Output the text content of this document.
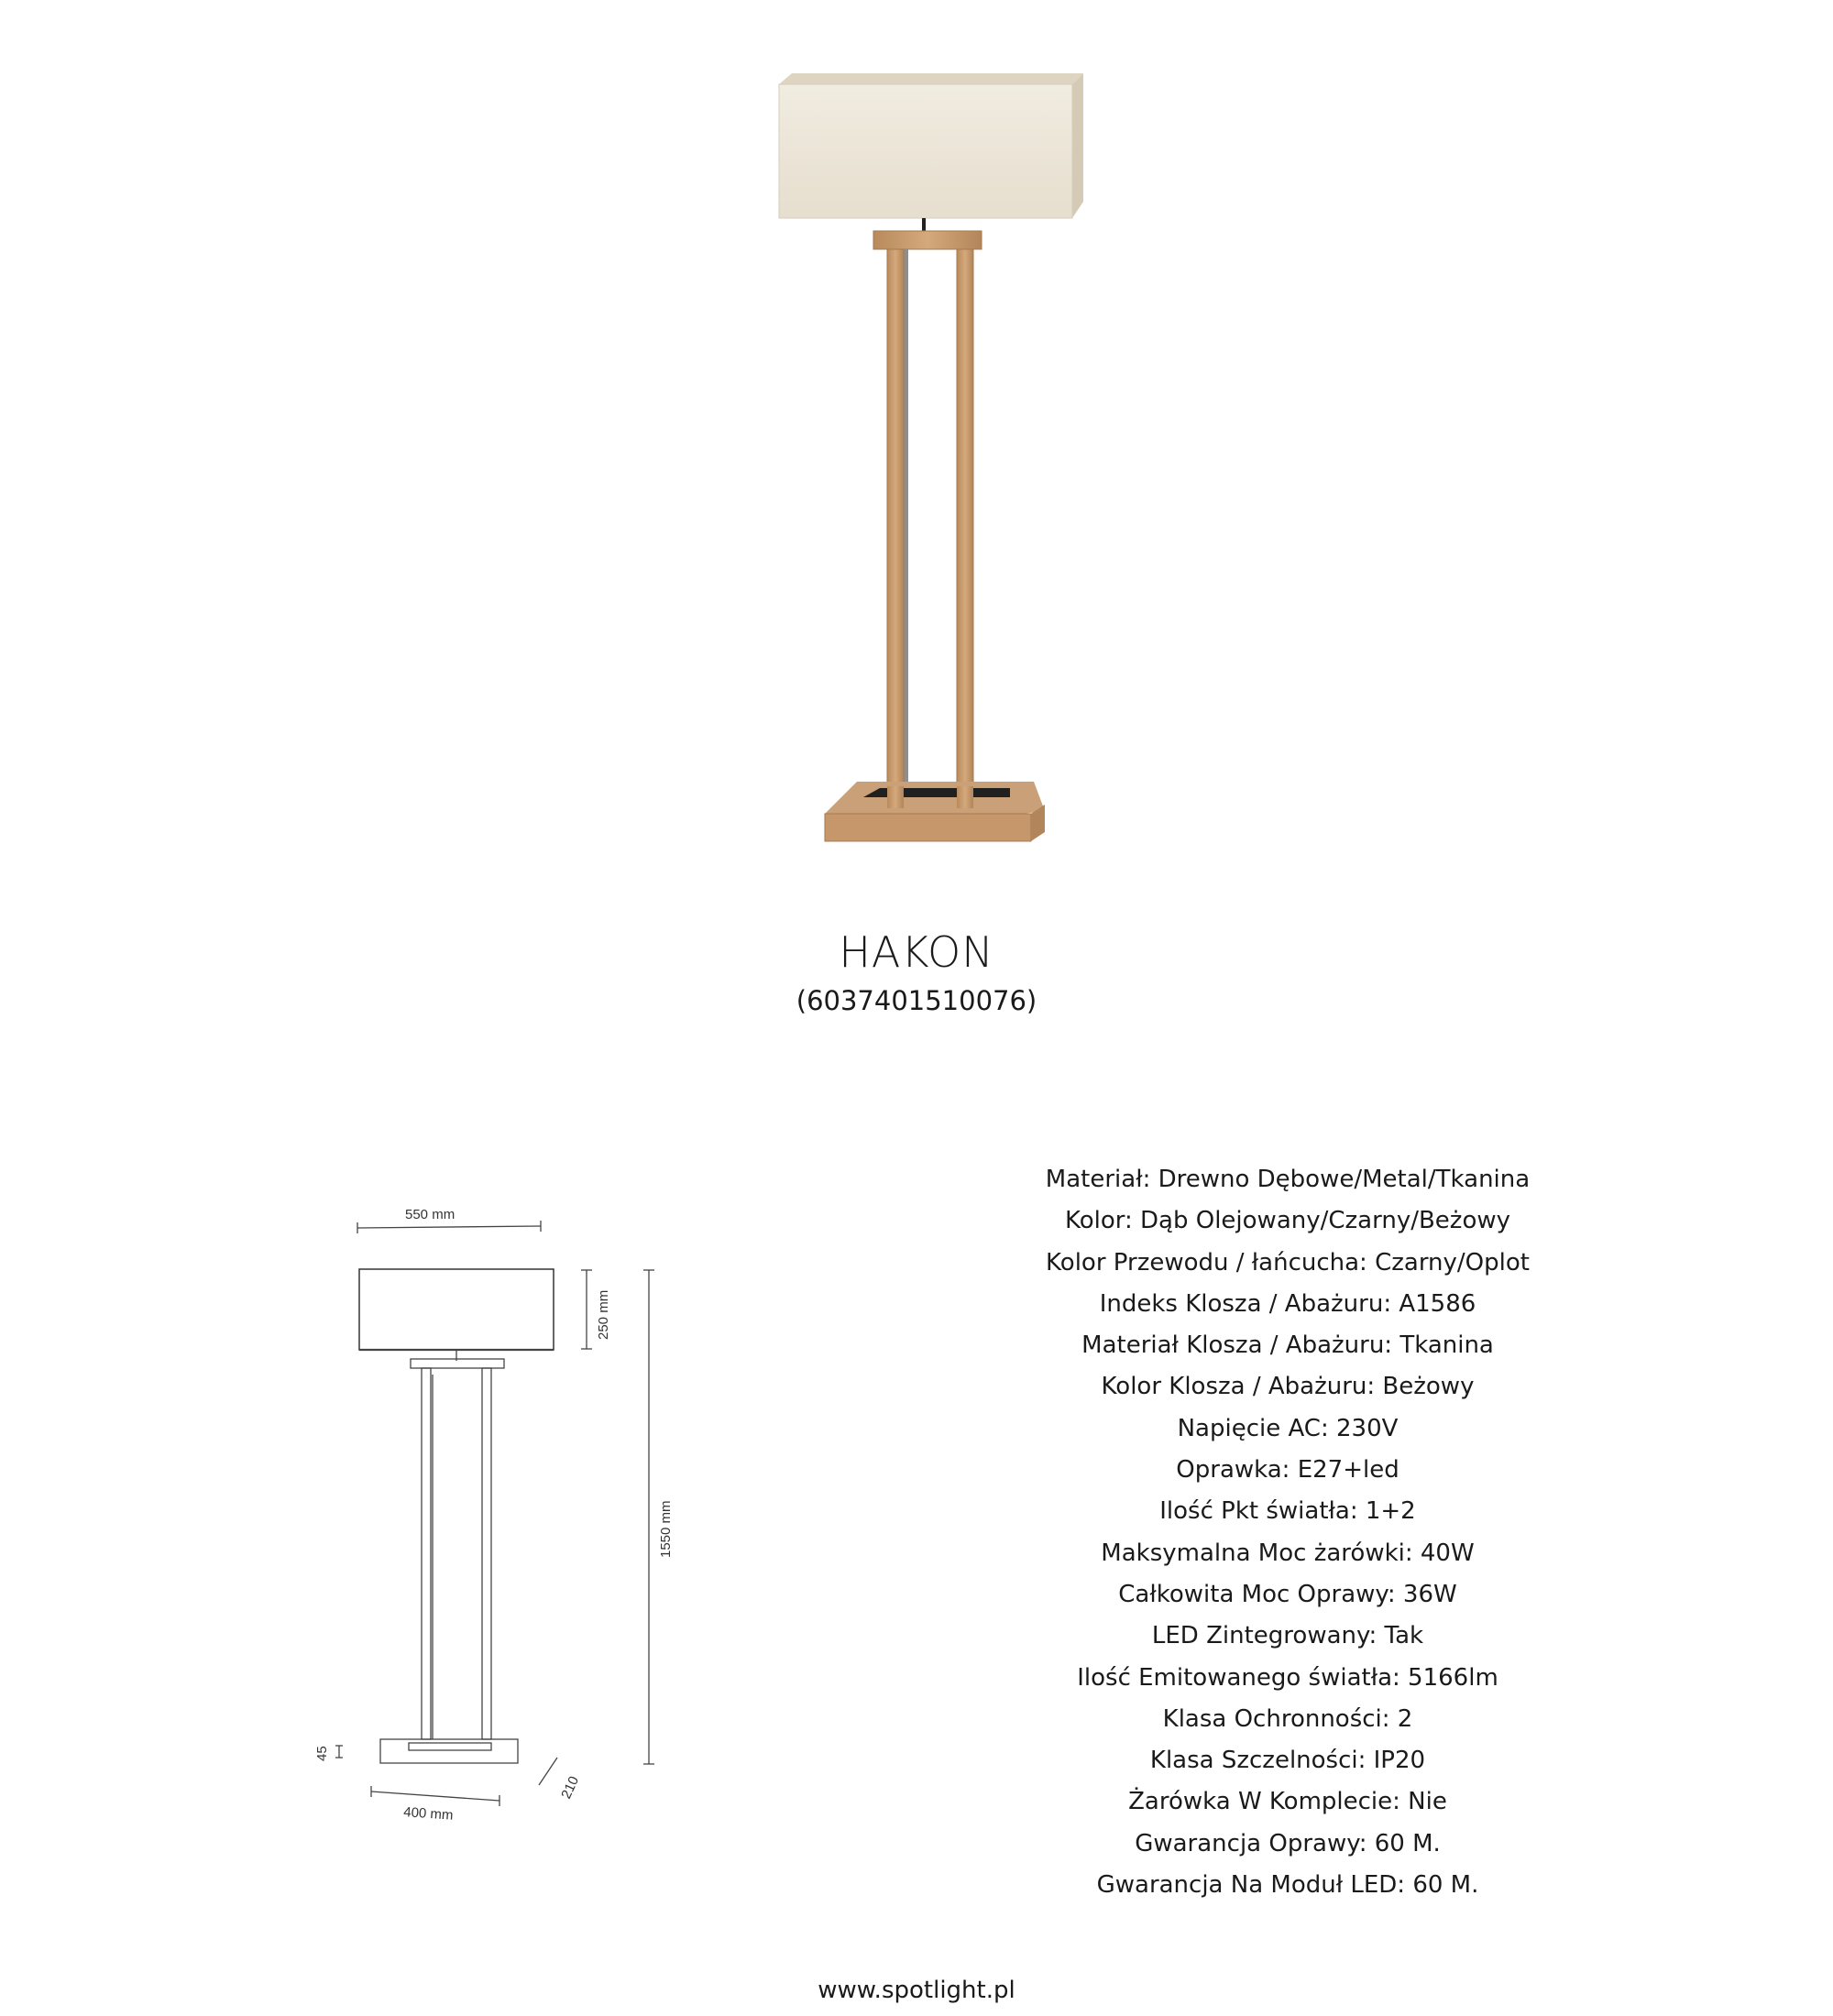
HAKON
(6037401510076)
550 mm
250 mm
1550 mm
45
210
400 mm
Materiał: Drewno Dębowe/Metal/Tkanina
Kolor: Dąb Olejowany/Czarny/Beżowy
Kolor Przewodu / łańcucha: Czarny/Oplot
Indeks Klosza / Abażuru: A1586
Materiał Klosza / Abażuru: Tkanina
Kolor Klosza / Abażuru: Beżowy
Napięcie AC: 230V
Oprawka: E27+led
Ilość Pkt światła: 1+2
Maksymalna Moc żarówki: 40W
Całkowita Moc Oprawy: 36W
LED Zintegrowany: Tak
Ilość Emitowanego światła: 5166lm
Klasa Ochronności: 2
Klasa Szczelności: IP20
Żarówka W Komplecie: Nie
Gwarancja Oprawy: 60 M.
Gwarancja Na Moduł LED: 60 M.
www.spotlight.pl
